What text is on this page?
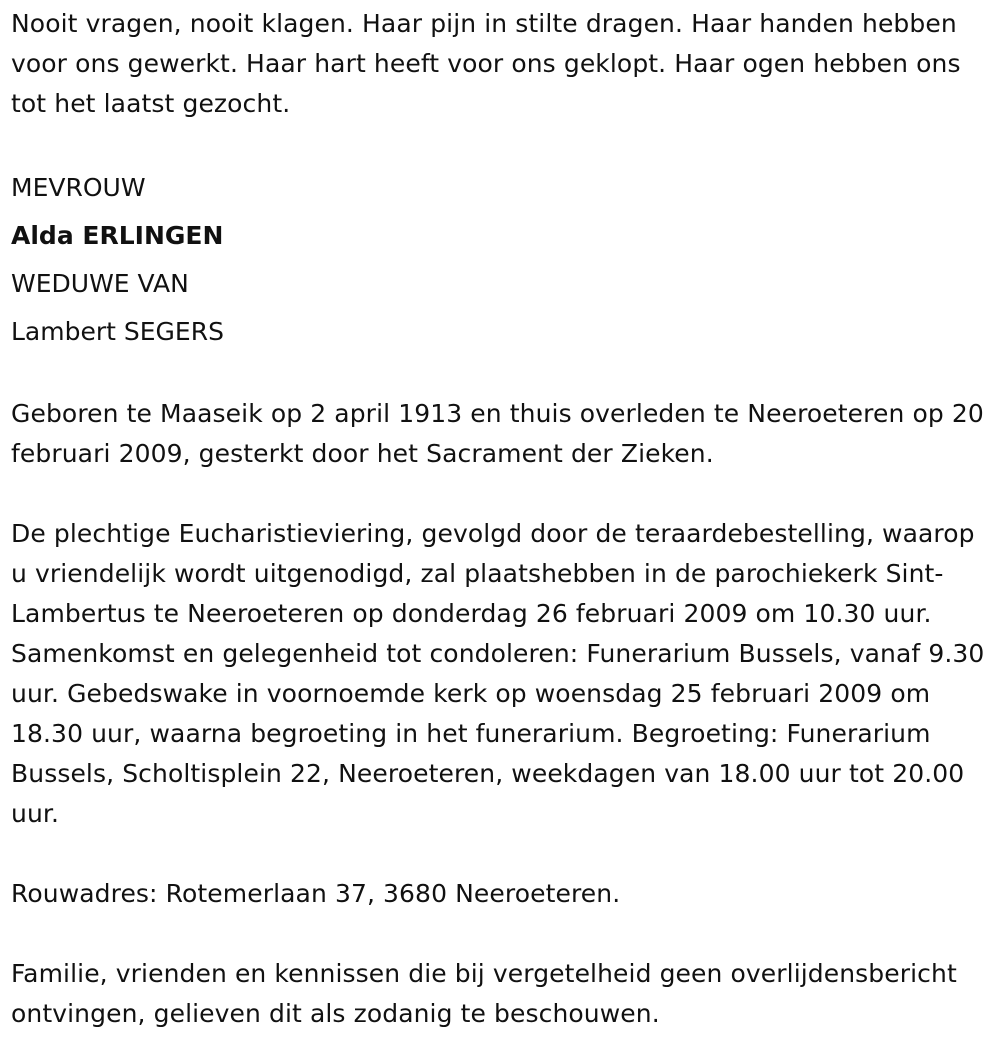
Nooit vragen, nooit klagen. Haar pijn in stilte dragen. Haar handen hebben voor ons gewerkt. Haar hart heeft voor ons geklopt. Haar ogen hebben ons tot het laatst gezocht.

MEVROUW

Alda ERLINGEN

WEDUWE VAN

Lambert SEGERS

Geboren te Maaseik op 2 april 1913 en thuis overleden te Neeroeteren op 20 februari 2009, gesterkt door het Sacrament der Zieken.

De plechtige Eucharistieviering, gevolgd door de teraardebestelling, waarop u vriendelijk wordt uitgenodigd, zal plaatshebben in de parochiekerk Sint-Lambertus te Neeroeteren op donderdag 26 februari 2009 om 10.30 uur. Samenkomst en gelegenheid tot condoleren: Funerarium Bussels, vanaf 9.30 uur. Gebedswake in voornoemde kerk op woensdag 25 februari 2009 om 18.30 uur, waarna begroeting in het funerarium. Begroeting: Funerarium Bussels, Scholtisplein 22, Neeroeteren, weekdagen van 18.00 uur tot 20.00 uur.

Rouwadres: Rotemerlaan 37, 3680 Neeroeteren.

Familie, vrienden en kennissen die bij vergetelheid geen overlijdensbericht ontvingen, gelieven dit als zodanig te beschouwen.
